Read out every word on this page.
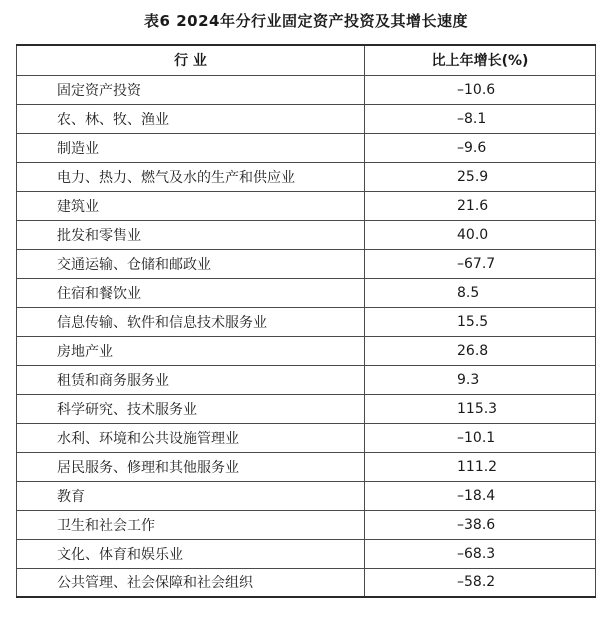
表6 2024年分行业固定资产投资及其增长速度
行 业	比上年增长(%)
固定资产投资	–10.6
农、林、牧、渔业	–8.1
制造业	–9.6
电力、热力、燃气及水的生产和供应业	25.9
建筑业	21.6
批发和零售业	40.0
交通运输、仓储和邮政业	–67.7
住宿和餐饮业	8.5
信息传输、软件和信息技术服务业	15.5
房地产业	26.8
租赁和商务服务业	9.3
科学研究、技术服务业	115.3
水利、环境和公共设施管理业	–10.1
居民服务、修理和其他服务业	111.2
教育	–18.4
卫生和社会工作	–38.6
文化、体育和娱乐业	–68.3
公共管理、社会保障和社会组织	–58.2
